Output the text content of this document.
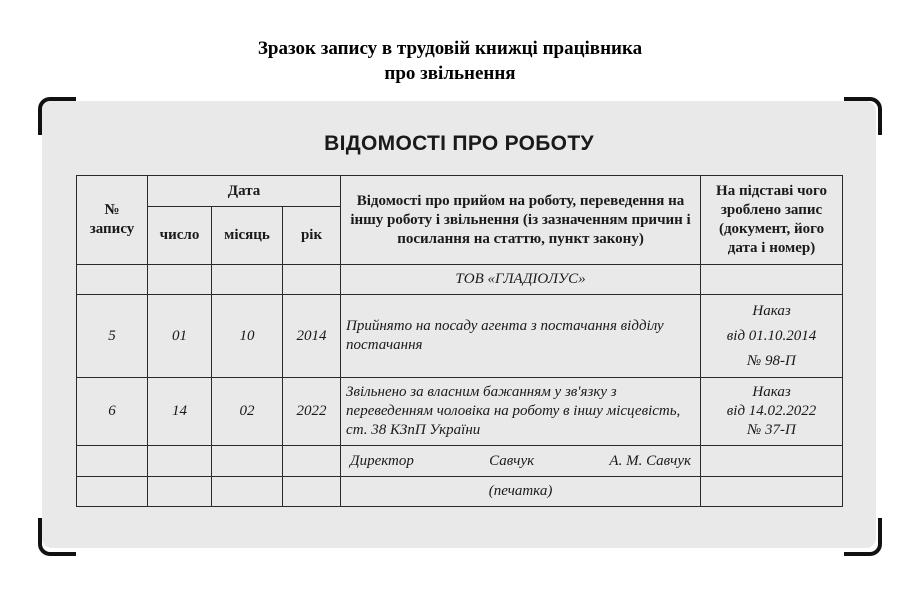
Зразок запису в трудовій книжці працівника
про звільнення
ВІДОМОСТІ ПРО РОБОТУ
№ запису	Дата			Відомості про прийом на роботу, переведення на іншу роботу і звільнення (із зазначенням причин і посилання на статтю, пункт закону)	На підставі чого зроблено запис (документ, його дата і номер)
	число	місяць	рік		
				ТОВ «ГЛАДІОЛУС»	
5	01	10	2014	Прийнято на посаду агента з постачання відділу постачання	Наказ
від 01.10.2014
№ 98-П

6	14	02	2022	Звільнено за власним бажанням у зв'язку з переведенням чоловіка на роботу в іншу місцевість, ст. 38 КЗпП України	Наказ
від 14.02.2022
№ 37-П

				Директор Савчук А. М. Савчук	

				(печатка)	
